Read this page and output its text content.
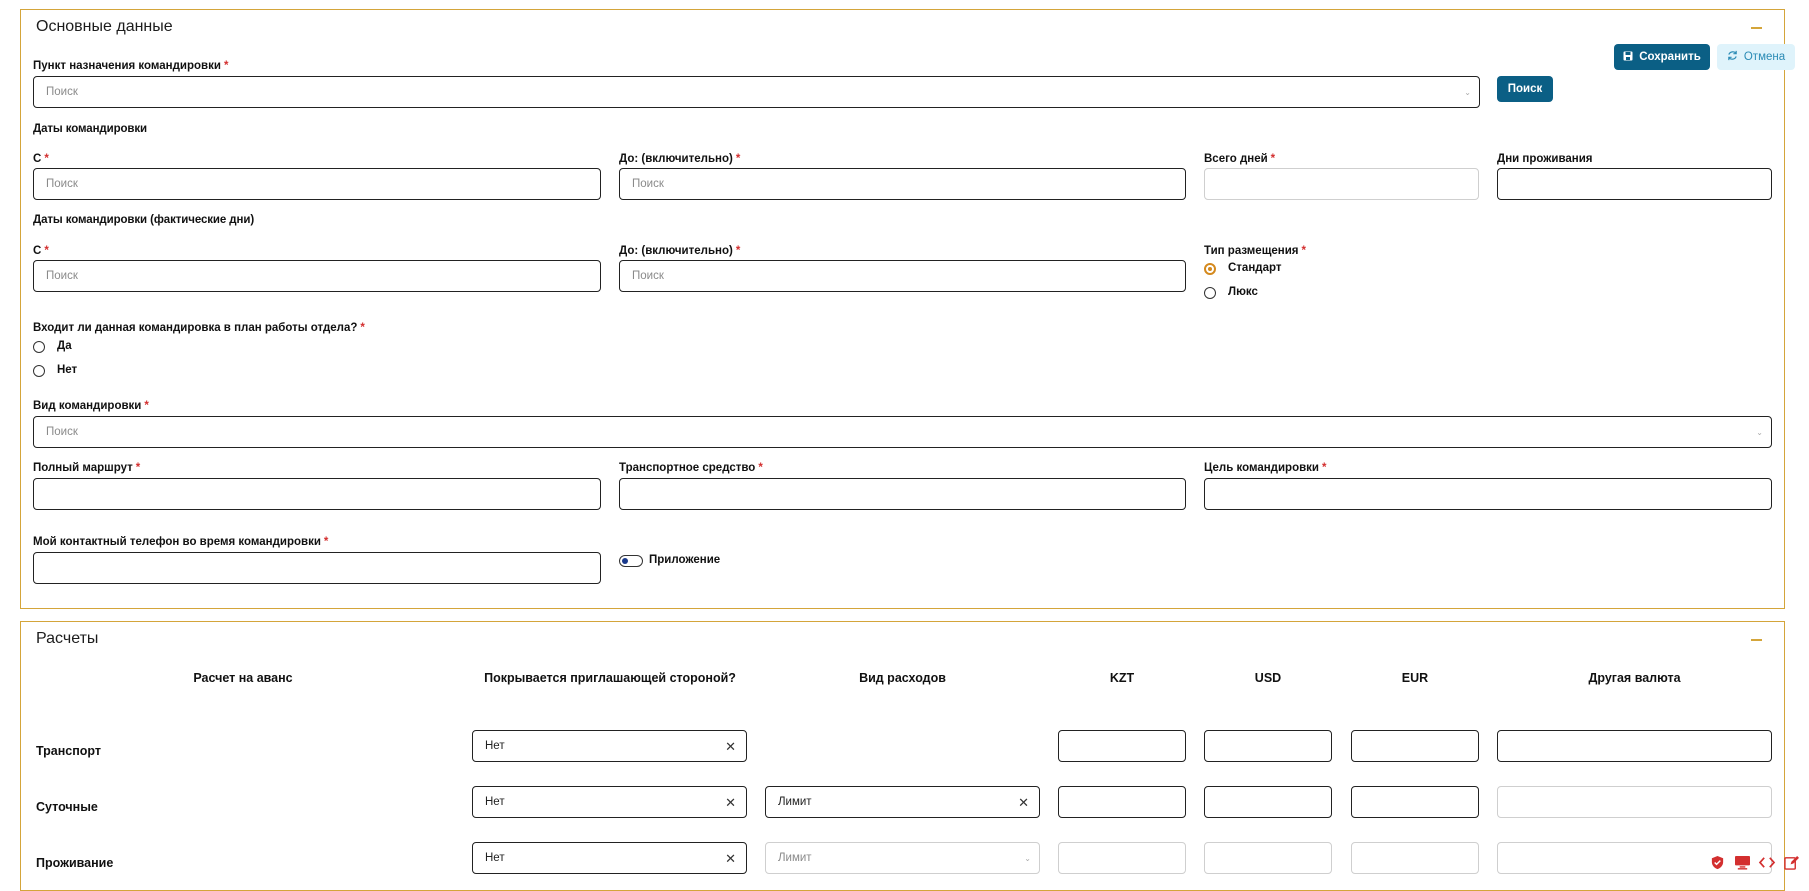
Основные данные
Сохранить	Отмена
Пункт назначения командировки *
Поиск	⌄	Поиск
Даты командировки
С *
Поиск
До: (включительно) *
Поиск
Всего дней *	Дни проживания
Даты командировки (фактические дни)
С *
Поиск
До: (включительно) *
Поиск
Тип размещения *
Стандарт
Люкс
Входит ли данная командировка в план работы отдела? *
Да
Нет
Вид командировки *
Поиск	⌄
Полный маршрут *	Транспортное средство *	Цель командировки *
Мой контактный телефон во время командировки *
Приложение
Расчеты
Расчет на аванс	Покрывается приглашающей стороной?	Вид расходов	KZT	USD	EUR	Другая валюта
Транспорт	Нет	✕
Суточные	Нет	✕	Лимит	✕
Проживание	Нет	✕	Лимит	⌄
